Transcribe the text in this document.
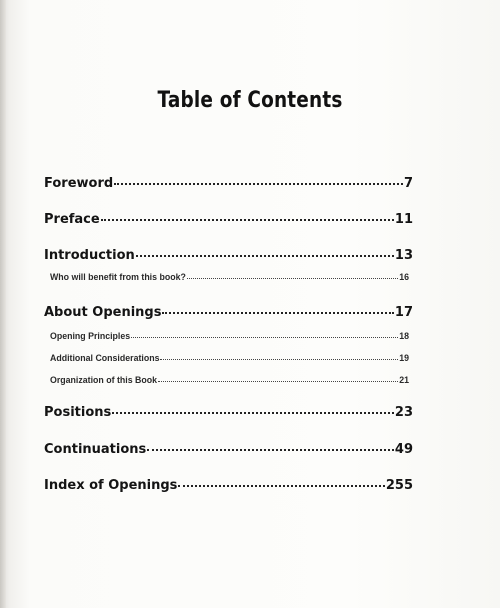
Table of Contents
Foreword	7
Preface	11
Introduction	13
Who will benefit from this book?	16
About Openings	17
Opening Principles	18
Additional Considerations	19
Organization of this Book	21
Positions	23
Continuations	49
Index of Openings	255
